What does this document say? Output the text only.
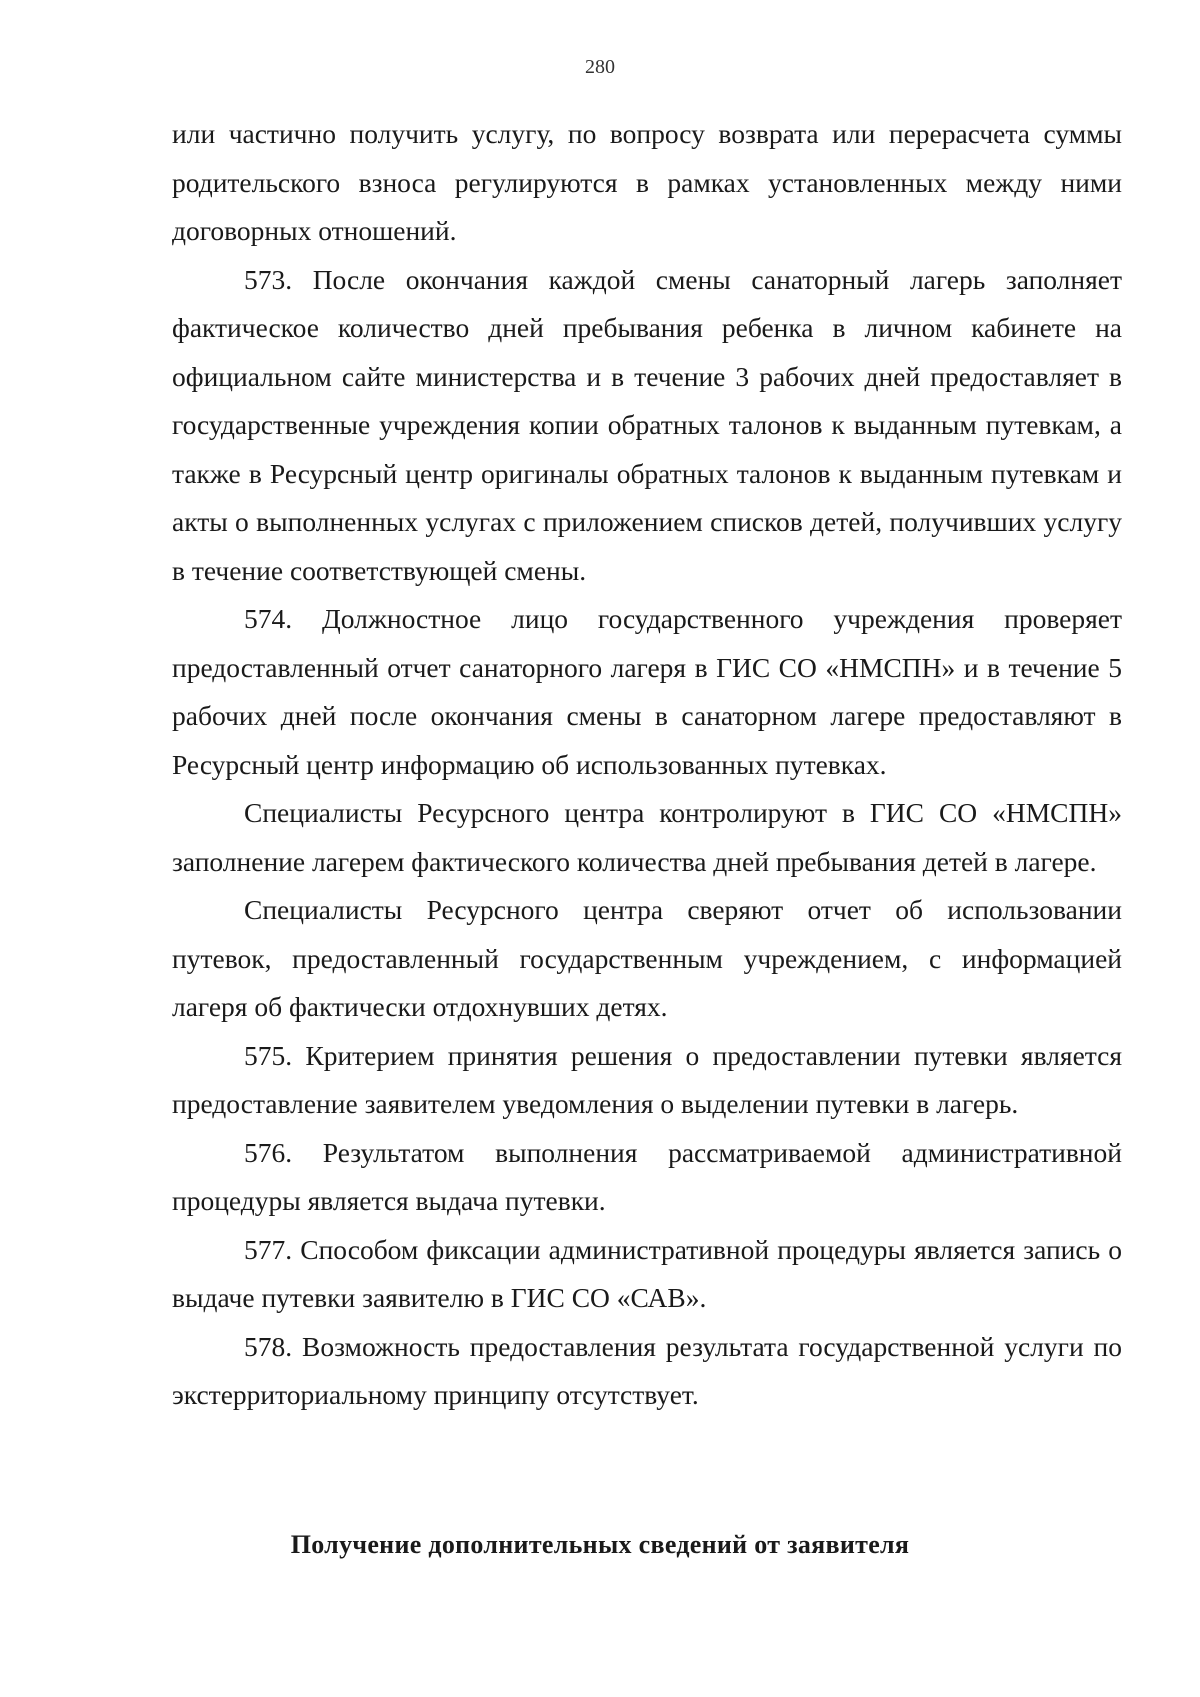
280

или частично получить услугу, по вопросу возврата или перерасчета суммы родительского взноса регулируются в рамках установленных между ними договорных отношений.

573. После окончания каждой смены санаторный лагерь заполняет фактическое количество дней пребывания ребенка в личном кабинете на официальном сайте министерства и в течение 3 рабочих дней предоставляет в государственные учреждения копии обратных талонов к выданным путевкам, а также в Ресурсный центр оригиналы обратных талонов к выданным путевкам и акты о выполненных услугах с приложением списков детей, получивших услугу в течение соответствующей смены.

574. Должностное лицо государственного учреждения проверяет предоставленный отчет санаторного лагеря в ГИС СО «НМСПН» и в течение 5 рабочих дней после окончания смены в санаторном лагере предоставляют в Ресурсный центр информацию об использованных путевках.

Специалисты Ресурсного центра контролируют в ГИС СО «НМСПН» заполнение лагерем фактического количества дней пребывания детей в лагере.

Специалисты Ресурсного центра сверяют отчет об использовании путевок, предоставленный государственным учреждением, с информацией лагеря об фактически отдохнувших детях.

575. Критерием принятия решения о предоставлении путевки является предоставление заявителем уведомления о выделении путевки в лагерь.

576. Результатом выполнения рассматриваемой административной процедуры является выдача путевки.

577. Способом фиксации административной процедуры является запись о выдаче путевки заявителю в ГИС СО «САВ».

578. Возможность предоставления результата государственной услуги по экстерриториальному принципу отсутствует.

Получение дополнительных сведений от заявителя
